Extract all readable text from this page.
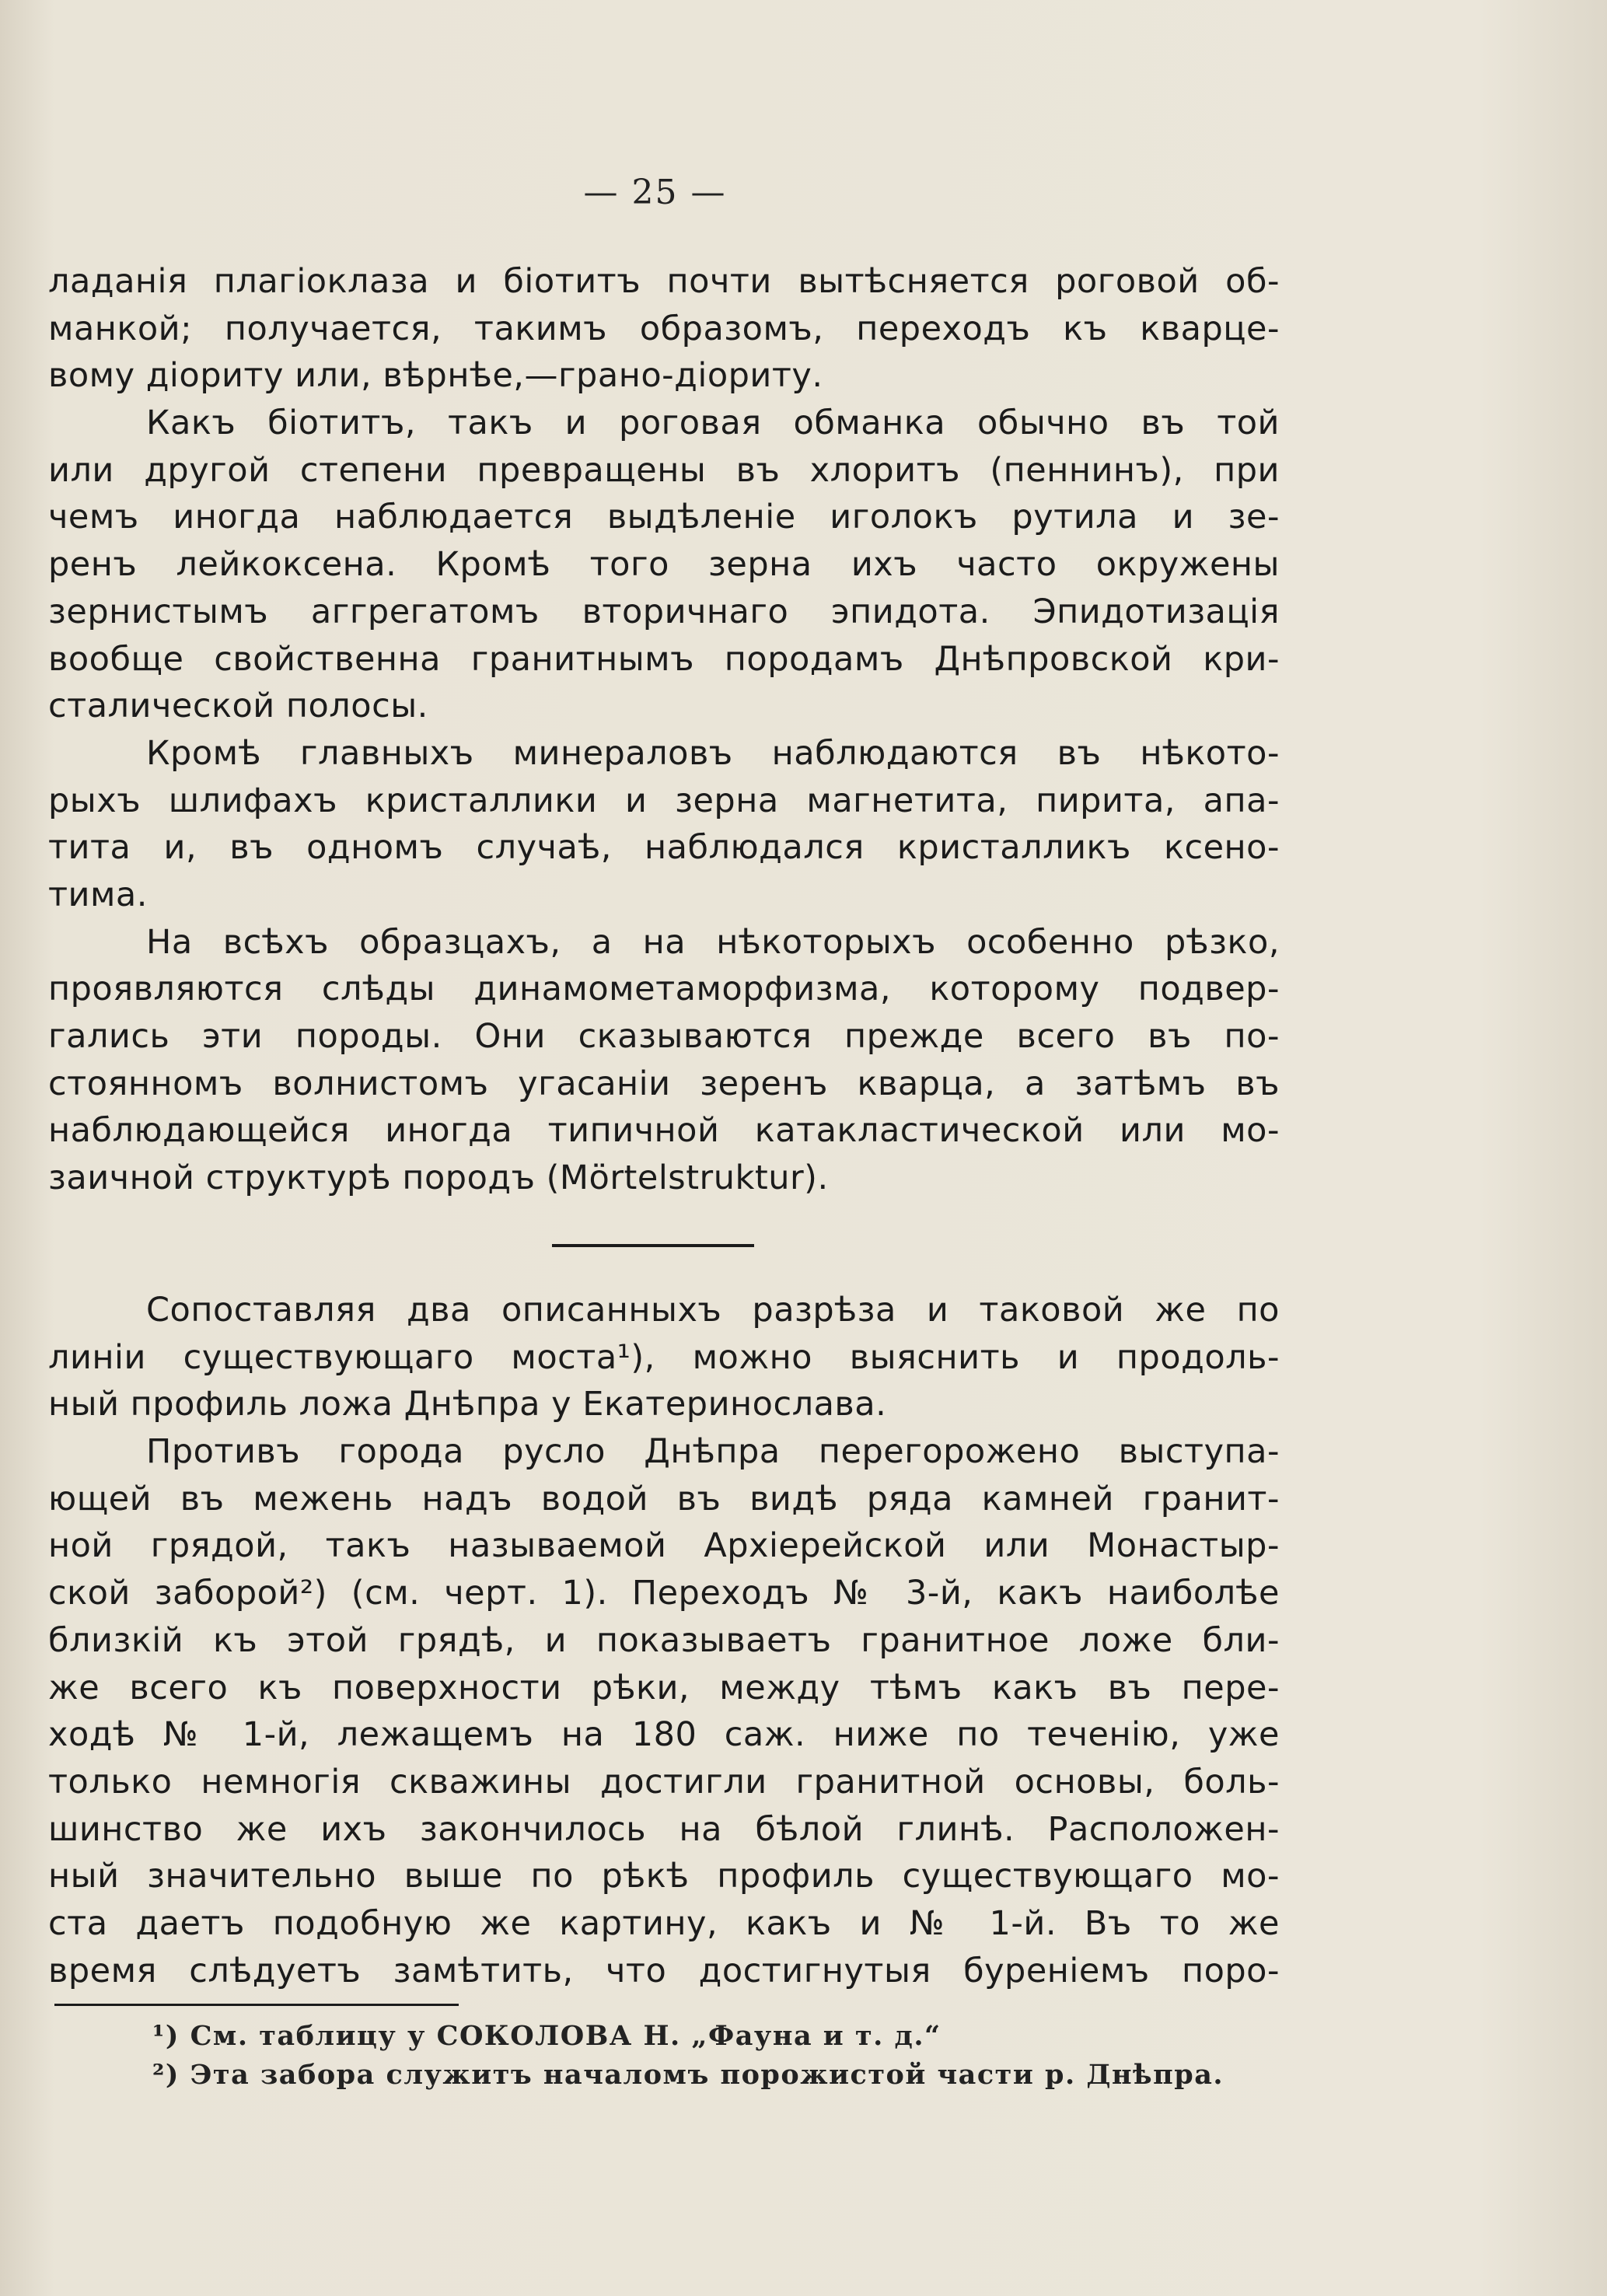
— 25 —
ладанія плагіоклаза и біотитъ почти вытѣсняется роговой об-
манкой; получается, такимъ образомъ, переходъ къ кварце-
вому діориту или, вѣрнѣе,—грано-діориту.
Какъ біотитъ, такъ и роговая обманка обычно въ той
или другой степени превращены въ хлоритъ (пеннинъ), при
чемъ иногда наблюдается выдѣленіе иголокъ рутила и зе-
ренъ лейкоксена. Кромѣ того зерна ихъ часто окружены
зернистымъ аггрегатомъ вторичнаго эпидота. Эпидотизація
вообще свойственна гранитнымъ породамъ Днѣпровской кри-
сталической полосы.
Кромѣ главныхъ минераловъ наблюдаются въ нѣкото-
рыхъ шлифахъ кристаллики и зерна магнетита, пирита, апа-
тита и, въ одномъ случаѣ, наблюдался кристалликъ ксено-
тима.
На всѣхъ образцахъ, а на нѣкоторыхъ особенно рѣзко,
проявляются слѣды динамометаморфизма, которому подвер-
гались эти породы. Они сказываются прежде всего въ по-
стоянномъ волнистомъ угасаніи зеренъ кварца, а затѣмъ въ
наблюдающейся иногда типичной катакластической или мо-
заичной структурѣ породъ (Mörtelstruktur).
Сопоставляя два описанныхъ разрѣза и таковой же по
линіи существующаго моста¹), можно выяснить и продоль-
ный профиль ложа Днѣпра у Екатеринослава.
Противъ города русло Днѣпра перегорожено выступа-
ющей въ межень надъ водой въ видѣ ряда камней гранит-
ной грядой, такъ называемой Архіерейской или Монастыр-
ской заборой²) (см. черт. 1). Переходъ № 3-й, какъ наиболѣе
близкій къ этой грядѣ, и показываетъ гранитное ложе бли-
же всего къ поверхности рѣки, между тѣмъ какъ въ пере-
ходѣ № 1-й, лежащемъ на 180 саж. ниже по теченію, уже
только немногія скважины достигли гранитной основы, боль-
шинство же ихъ закончилось на бѣлой глинѣ. Расположен-
ный значительно выше по рѣкѣ профиль существующаго мо-
ста даетъ подобную же картину, какъ и № 1-й. Въ то же
время слѣдуетъ замѣтить, что достигнутыя буреніемъ поро-
¹) См. таблицу у СОКОЛОВА Н. „Фауна и т. д.“
²) Эта забора служитъ началомъ порожистой части р. Днѣпра.
